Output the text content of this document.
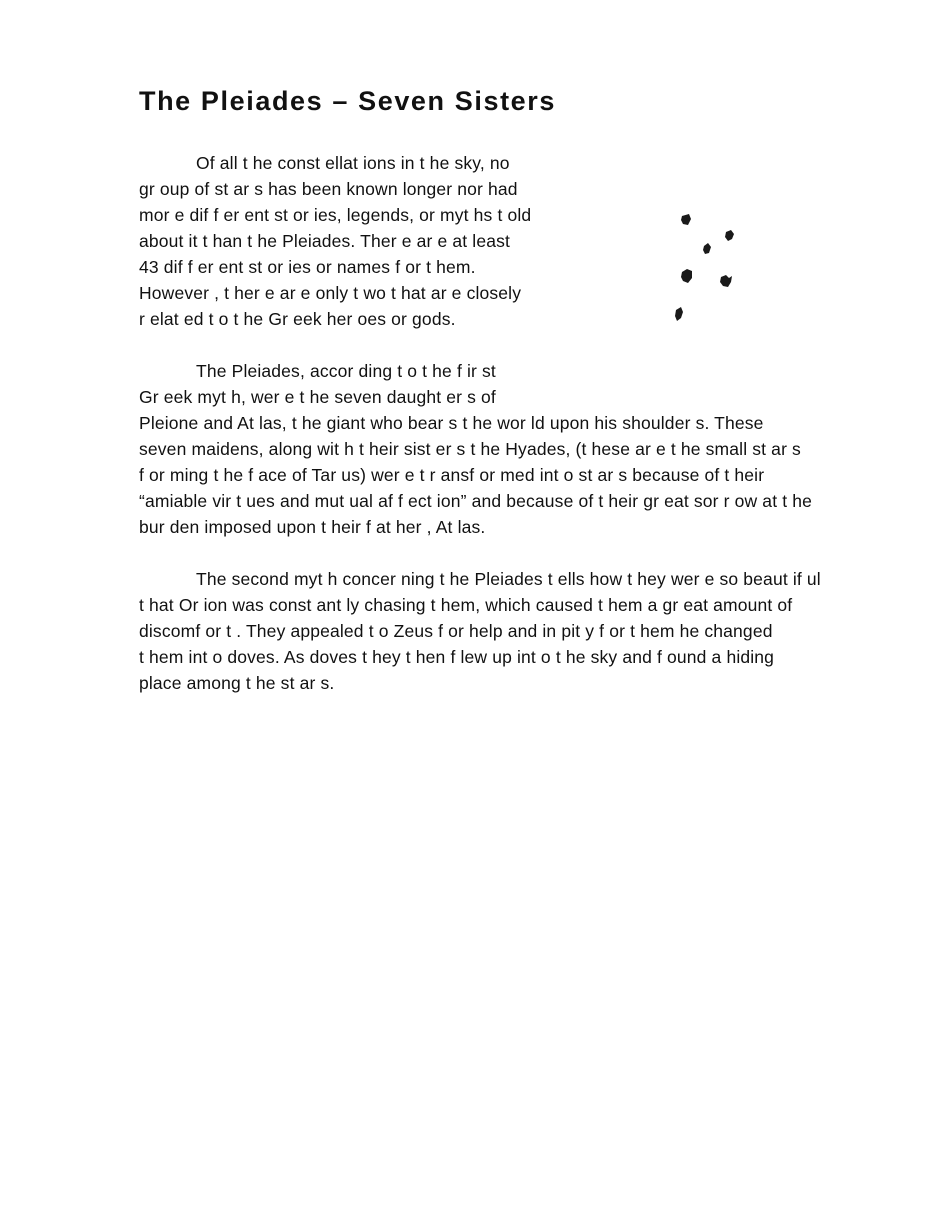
The Pleiades – Seven Sisters

Of all t he const ellat ions in t he sky, no

gr oup of st ar s has been known longer nor had

mor e dif f er ent st or ies, legends, or myt hs t old

about it t han t he Pleiades. Ther e ar e at least

43 dif f er ent st or ies or names f or t hem.

However , t her e ar e only t wo t hat ar e closely

r elat ed t o t he Gr eek her oes or gods.

The Pleiades, accor ding t o t he f ir st

Gr eek myt h, wer e t he seven daught er s of

Pleione and At las, t he giant who bear s t he wor ld upon his shoulder s. These

seven maidens, along wit h t heir sist er s t he Hyades, (t hese ar e t he small st ar s

f or ming t he f ace of Tar us) wer e t r ansf or med int o st ar s because of t heir

“amiable vir t ues and mut ual af f ect ion” and because of t heir gr eat sor r ow at t he

bur den imposed upon t heir f at her , At las.

The second myt h concer ning t he Pleiades t ells how t hey wer e so beaut if ul

t hat Or ion was const ant ly chasing t hem, which caused t hem a gr eat amount of

discomf or t . They appealed t o Zeus f or help and in pit y f or t hem he changed

t hem int o doves. As doves t hey t hen f lew up int o t he sky and f ound a hiding

place among t he st ar s.
